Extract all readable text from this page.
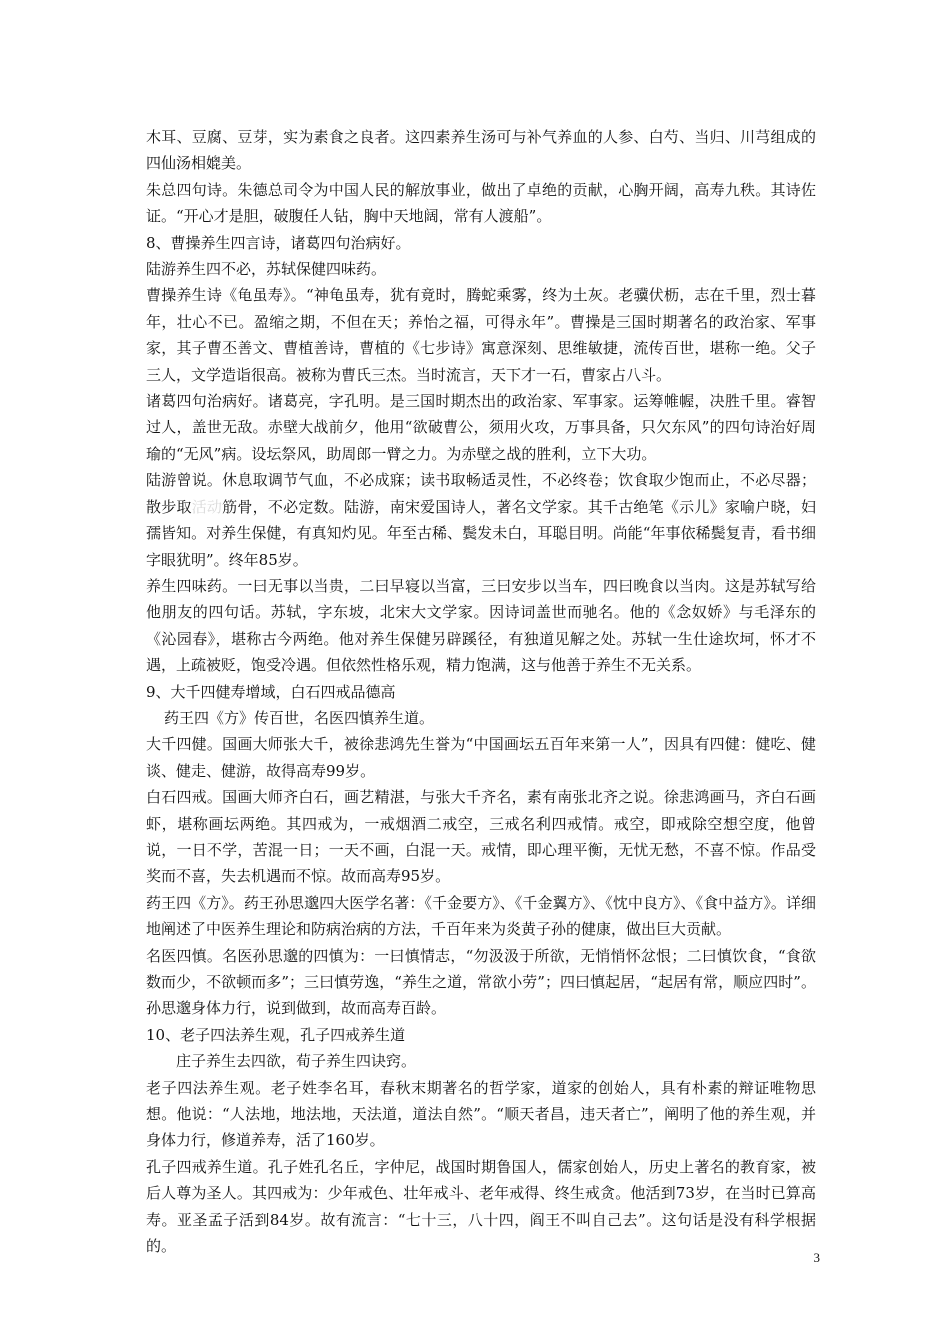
木耳、豆腐、豆芽，实为素食之良者。这四素养生汤可与补气养血的人参、白芍、当归、川芎组成的四仙汤相媲美。

朱总四句诗。朱德总司令为中国人民的解放事业，做出了卓绝的贡献，心胸开阔，高寿九秩。其诗佐证。“开心才是胆，破腹任人钻，胸中天地阔，常有人渡船”。

8、曹操养生四言诗，诸葛四句治病好。

陆游养生四不必，苏轼保健四味药。

曹操养生诗《龟虽寿》。“神龟虽寿，犹有竟时，腾蛇乘雾，终为土灰。老骥伏枥，志在千里，烈士暮年，壮心不已。盈缩之期，不但在天；养怡之福，可得永年”。曹操是三国时期著名的政治家、军事家，其子曹丕善文、曹植善诗，曹植的《七步诗》寓意深刻、思维敏捷，流传百世，堪称一绝。父子三人，文学造诣很高。被称为曹氏三杰。当时流言，天下才一石，曹家占八斗。

诸葛四句治病好。诸葛亮，字孔明。是三国时期杰出的政治家、军事家。运筹帷幄，决胜千里。睿智过人，盖世无敌。赤壁大战前夕，他用“欲破曹公，须用火攻，万事具备，只欠东风”的四句诗治好周瑜的“无风”病。设坛祭风，助周郎一臂之力。为赤壁之战的胜利，立下大功。

陆游曾说。休息取调节气血，不必成寐；读书取畅适灵性，不必终卷；饮食取少饱而止，不必尽器；散步取活动筋骨，不必定数。陆游，南宋爱国诗人，著名文学家。其千古绝笔《示儿》家喻户晓，妇孺皆知。对养生保健，有真知灼见。年至古稀、鬓发未白，耳聪目明。尚能“年事依稀鬓复青，看书细字眼犹明”。终年85岁。

养生四味药。一曰无事以当贵，二曰早寝以当富，三曰安步以当车，四曰晚食以当肉。这是苏轼写给他朋友的四句话。苏轼，字东坡，北宋大文学家。因诗词盖世而驰名。他的《念奴娇》与毛泽东的《沁园春》，堪称古今两绝。他对养生保健另辟蹊径，有独道见解之处。苏轼一生仕途坎坷，怀才不遇，上疏被贬，饱受冷遇。但依然性格乐观，精力饱满，这与他善于养生不无关系。

9、大千四健寿增域，白石四戒品德高

药王四《方》传百世，名医四慎养生道。

大千四健。国画大师张大千，被徐悲鸿先生誉为“中国画坛五百年来第一人”，因具有四健：健吃、健谈、健走、健游，故得高寿99岁。

白石四戒。国画大师齐白石，画艺精湛，与张大千齐名，素有南张北齐之说。徐悲鸿画马，齐白石画虾，堪称画坛两绝。其四戒为，一戒烟酒二戒空，三戒名利四戒情。戒空，即戒除空想空度，他曾说，一日不学，苦混一日；一天不画，白混一天。戒情，即心理平衡，无忧无愁，不喜不惊。作品受奖而不喜，失去机遇而不惊。故而高寿95岁。

药王四《方》。药王孙思邈四大医学名著：《千金要方》、《千金翼方》、《忱中良方》、《食中益方》。详细地阐述了中医养生理论和防病治病的方法，千百年来为炎黄子孙的健康，做出巨大贡献。

名医四慎。名医孙思邈的四慎为：一曰慎情志，“勿汲汲于所欲，无悄悄怀忿恨；二曰慎饮食，“食欲数而少，不欲顿而多”；三曰慎劳逸，“养生之道，常欲小劳”；四曰慎起居，“起居有常，顺应四时”。孙思邈身体力行，说到做到，故而高寿百龄。

10、老子四法养生观，孔子四戒养生道

庄子养生去四欲，荀子养生四诀窍。

老子四法养生观。老子姓李名耳，春秋末期著名的哲学家，道家的创始人，具有朴素的辩证唯物思想。他说：“人法地，地法地，天法道，道法自然”。“顺天者昌，违天者亡”，阐明了他的养生观，并身体力行，修道养寿，活了160岁。

孔子四戒养生道。孔子姓孔名丘，字仲尼，战国时期鲁国人，儒家创始人，历史上著名的教育家，被后人尊为圣人。其四戒为：少年戒色、壮年戒斗、老年戒得、终生戒贪。他活到73岁，在当时已算高寿。亚圣孟子活到84岁。故有流言：“七十三，八十四，阎王不叫自己去”。这句话是没有科学根据的。

3
